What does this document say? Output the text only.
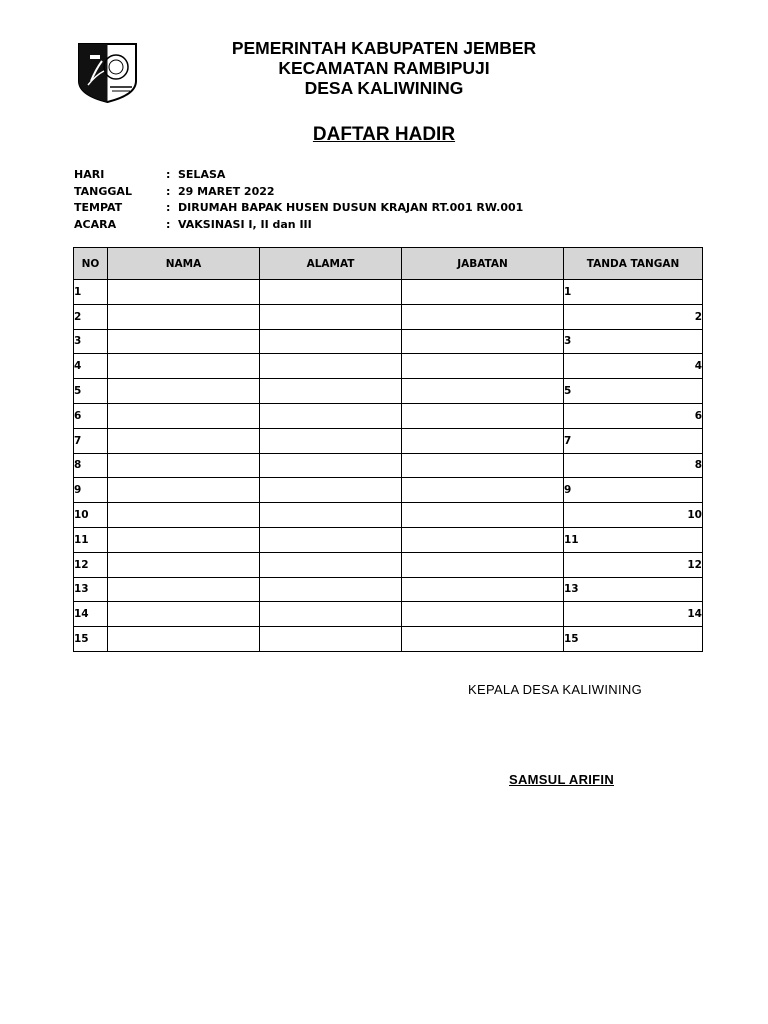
PEMERINTAH KABUPATEN JEMBER
KECAMATAN RAMBIPUJI
DESA KALIWINING
DAFTAR HADIR
HARI	: SELASA
TANGGAL	: 29 MARET 2022
TEMPAT	: DIRUMAH BAPAK HUSEN DUSUN KRAJAN RT.001 RW.001
ACARA	: VAKSINASI I, II dan III
NO	NAMA	ALAMAT	JABATAN	TANDA TANGAN
1				1
2				2
3				3
4				4
5				5
6				6
7				7
8				8
9				9
10				10
11				11
12				12
13				13
14				14
15				15
KEPALA DESA KALIWINING
SAMSUL ARIFIN
